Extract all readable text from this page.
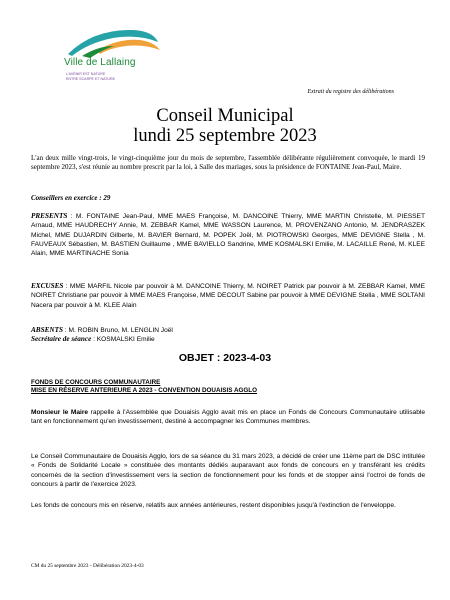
Ville de Lallaing
L'AVENIR EST NATURE
ENTRE SCARPE ET NATURE
Extrait du registre des délibérations
Conseil Municipal
lundi 25 septembre 2023
L'an deux mille vingt-trois, le vingt-cinquième jour du mois de septembre, l'assemblée délibérante régulièrement convoquée, le mardi 19 septembre 2023, s'est réunie au nombre prescrit par la loi, à Salle des mariages, sous la présidence de FONTAINE Jean-Paul, Maire.
Conseillers en exercice : 29
PRESENTS : M. FONTAINE Jean-Paul, MME MAES Françoise, M. DANCOINE Thierry, MME MARTIN Christelle, M. PIESSET Arnaud, MME HAUDRECHY Annie, M. ZEBBAR Kamel, MME WASSON Laurence, M. PROVENZANO Antonio, M. JENDRASZEK Michel, MME DUJARDIN Gilberte, M. BAVIER Bernard, M. POPEK Joël, M. PIOTROWSKI Georges, MME DEVIGNE Stella , M. FAUVEAUX Sébastien, M. BASTIEN Guillaume , MME BAVIELLO Sandrine, MME KOSMALSKI Emilie, M. LACAILLE René, M. KLEE Alain, MME MARTINACHE Sonia
EXCUSES : MME MARFIL Nicole par pouvoir à M. DANCOINE Thierry, M. NOIRET Patrick par pouvoir à M. ZEBBAR Kamel, MME NOIRET Christiane par pouvoir à MME MAES Françoise, MME DECOUT Sabine par pouvoir à MME DEVIGNE Stella , MME SOLTANI Nacera par pouvoir à M. KLEE Alain
ABSENTS : M. ROBIN Bruno, M. LENGLIN Joël
Secrétaire de séance : KOSMALSKI Emilie
OBJET : 2023-4-03
FONDS DE CONCOURS COMMUNAUTAIRE
MISE EN RÉSERVE ANTERIEURE A 2023 - CONVENTION DOUAISIS AGGLO
Monsieur le Maire rappelle à l'Assemblée que Douaisis Agglo avait mis en place un Fonds de Concours Communautaire utilisable tant en fonctionnement qu'en investissement, destiné à accompagner les Communes membres.
Le Conseil Communautaire de Douaisis Agglo, lors de sa séance du 31 mars 2023, a décidé de créer une 11ème part de DSC intitulée « Fonds de Solidarité Locale » constituée des montants dédiés auparavant aux fonds de concours en y transférant les crédits concernés de la section d'investissement vers la section de fonctionnement pour les fonds et de stopper ainsi l'octroi de fonds de concours à partir de l'exercice 2023.
Les fonds de concours mis en réserve, relatifs aux années antérieures, restent disponibles jusqu'à l'extinction de l'enveloppe.
CM du 25 septembre 2023 - Délibération 2023-4-03
